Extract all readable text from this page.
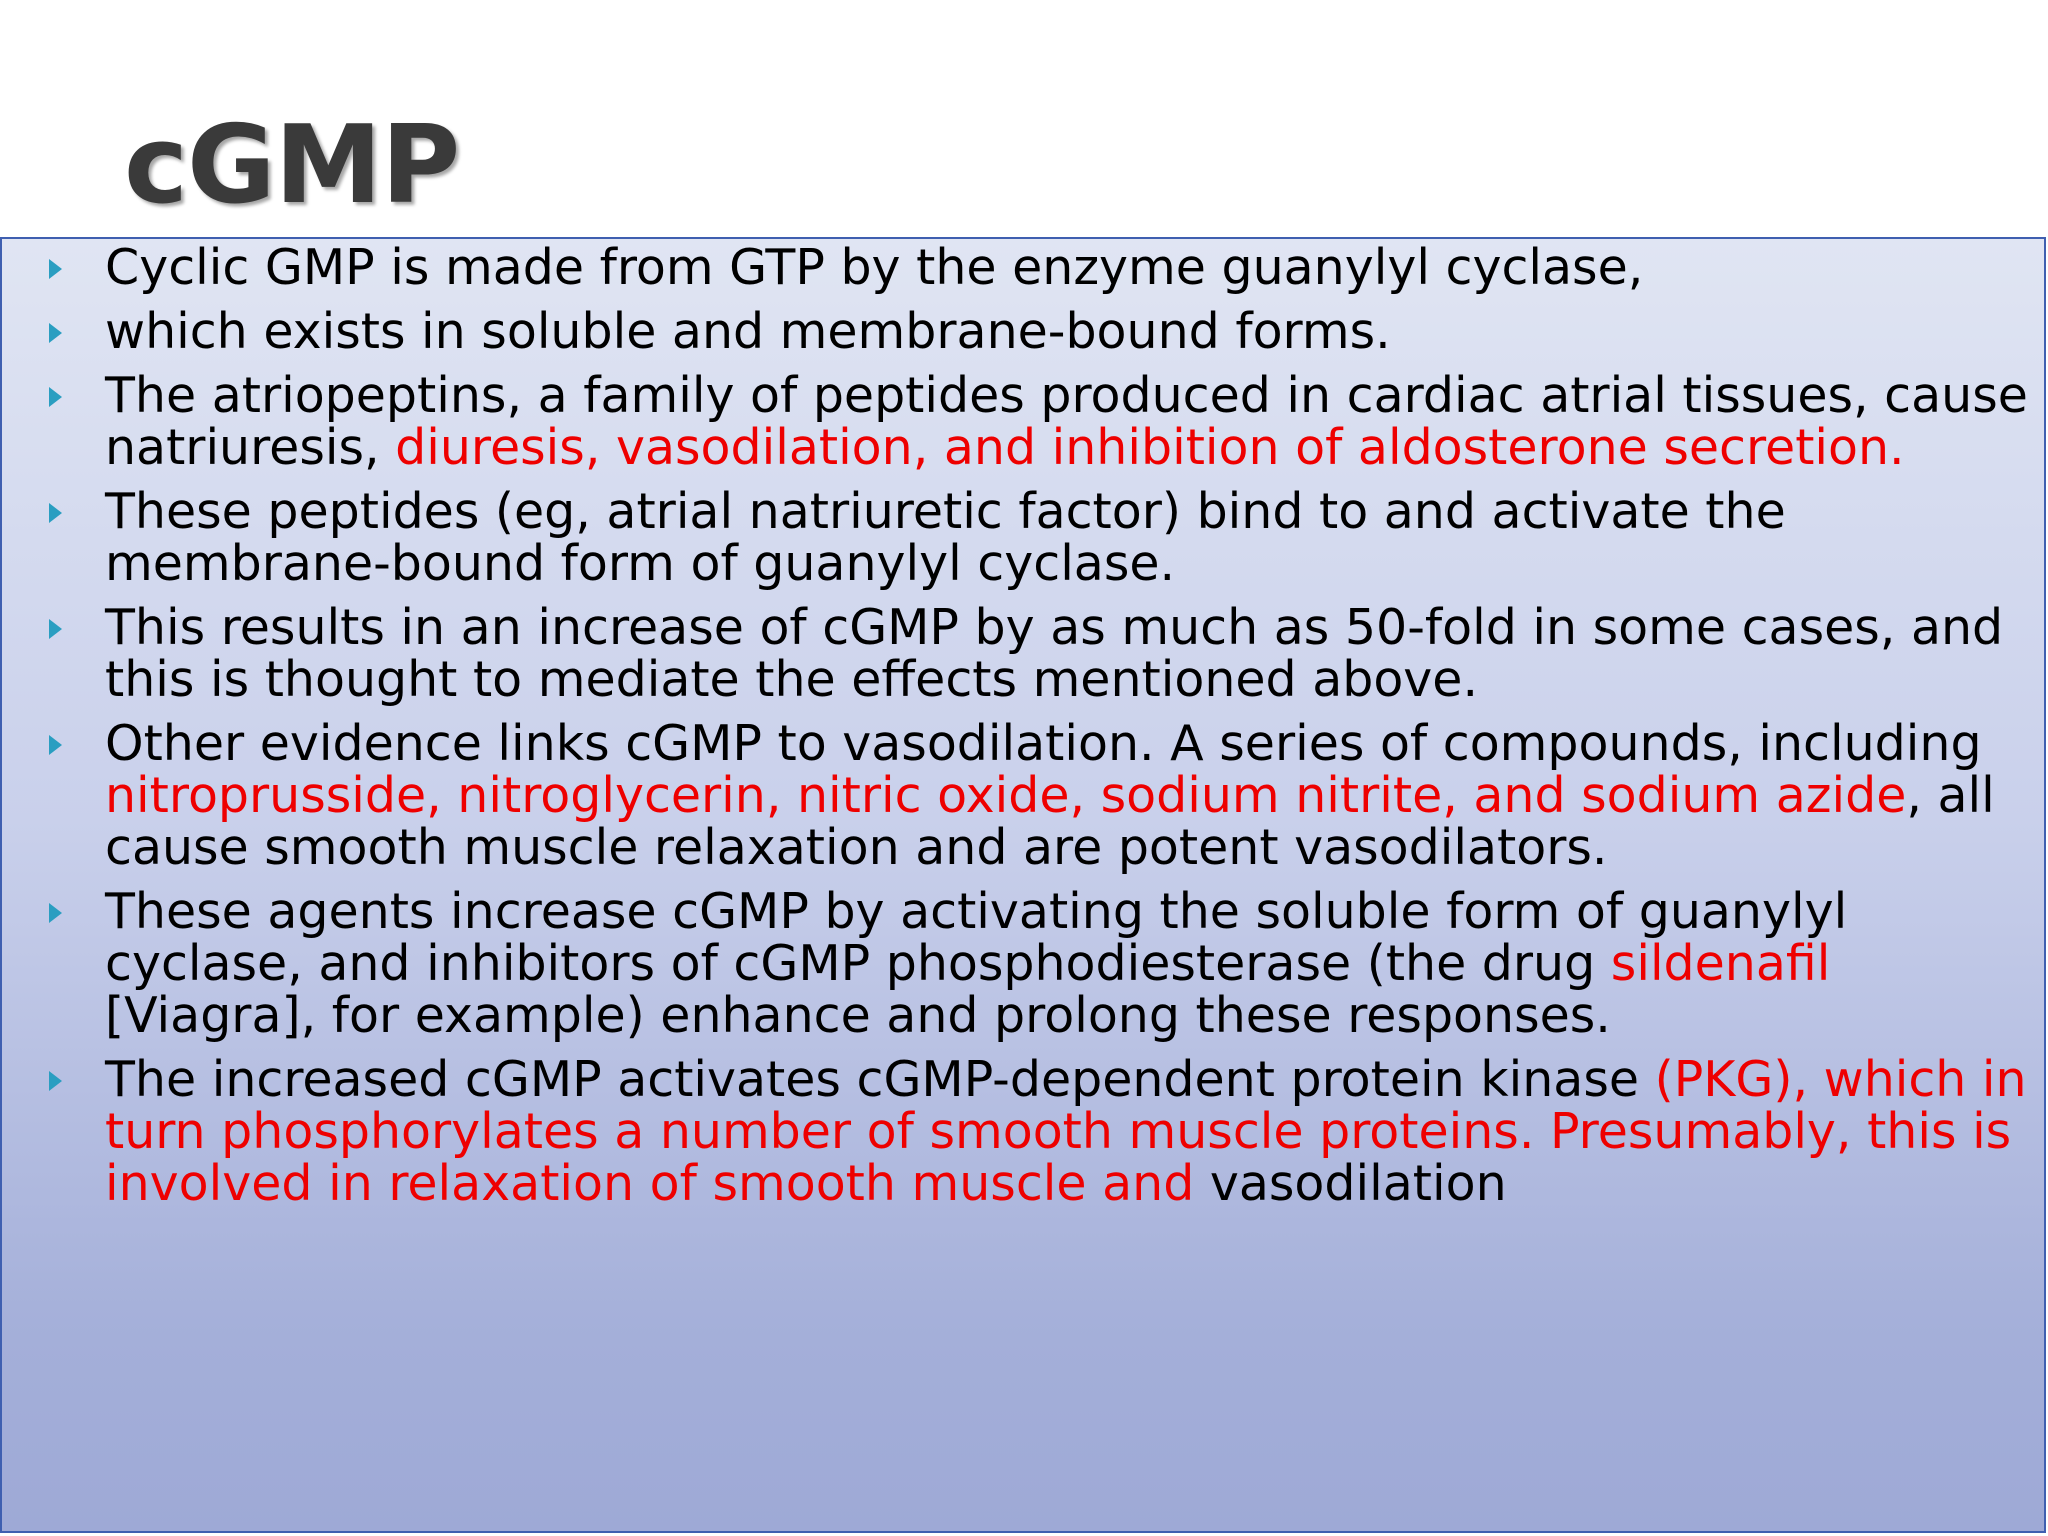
cGMP
Cyclic GMP is made from GTP by the enzyme guanylyl cyclase,
which exists in soluble and membrane-bound forms.
The atriopeptins, a family of peptides produced in cardiac atrial tissues, cause natriuresis, diuresis, vasodilation, and inhibition of aldosterone secretion.
These peptides (eg, atrial natriuretic factor) bind to and activate the membrane-bound form of guanylyl cyclase.
This results in an increase of cGMP by as much as 50-fold in some cases, and this is thought to mediate the effects mentioned above.
Other evidence links cGMP to vasodilation. A series of compounds, including nitroprusside, nitroglycerin, nitric oxide, sodium nitrite, and sodium azide, all cause smooth muscle relaxation and are potent vasodilators.
These agents increase cGMP by activating the soluble form of guanylyl cyclase, and inhibitors of cGMP phosphodiesterase (the drug sildenafil [Viagra], for example) enhance and prolong these responses.
The increased cGMP activates cGMP-dependent protein kinase (PKG), which in turn phosphorylates a number of smooth muscle proteins. Presumably, this is involved in relaxation of smooth muscle and vasodilation
